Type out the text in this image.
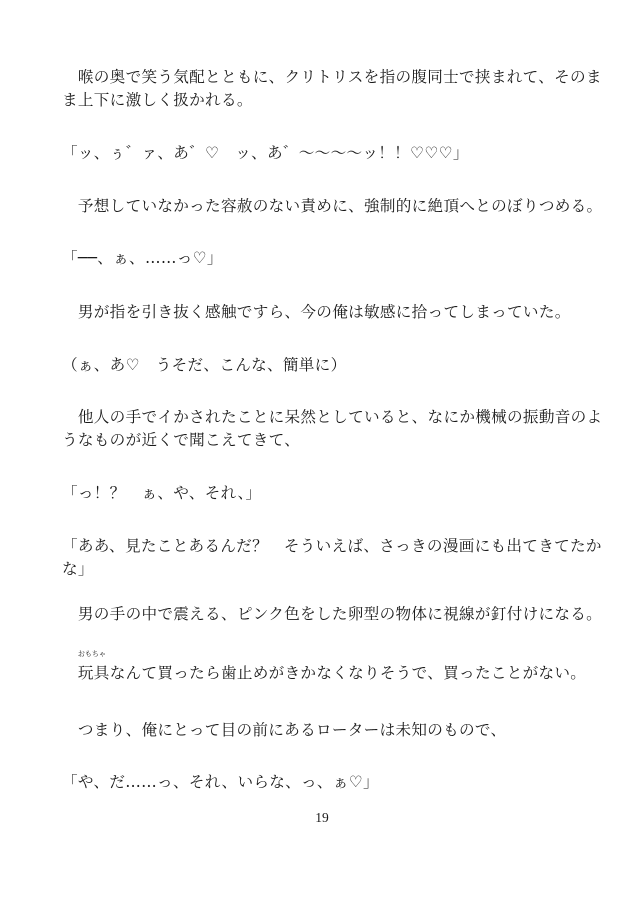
　喉の奥で笑う気配とともに、クリトリスを指の腹同士で挟まれて、そのま
ま上下に激しく扱かれる。
「ッ、ぅ゛ァ、あ゛♡　ッ、あ゛～～～～ッ！！♡♡♡」
　予想していなかった容赦のない責めに、強制的に絶頂へとのぼりつめる。
「──、ぁ、……っ♡」
　男が指を引き抜く感触ですら、今の俺は敏感に拾ってしまっていた。
（ぁ、あ♡　うそだ、こんな、簡単に）
　他人の手でイかされたことに呆然としていると、なにか機械の振動音のよ
うなものが近くで聞こえてきて、
「っ！？　ぁ、や、それ、」
「ああ、見たことあるんだ？　そういえば、さっきの漫画にも出てきてたか
な」
　男の手の中で震える、ピンク色をした卵型の物体に視線が釘付けになる。

おもちゃ
玩具なんて買ったら歯止めがきかなくなりそうで、買ったことがない。
　つまり、俺にとって目の前にあるローターは未知のもので、
「や、だ……っ、それ、いらな、っ、ぁ♡」
19
